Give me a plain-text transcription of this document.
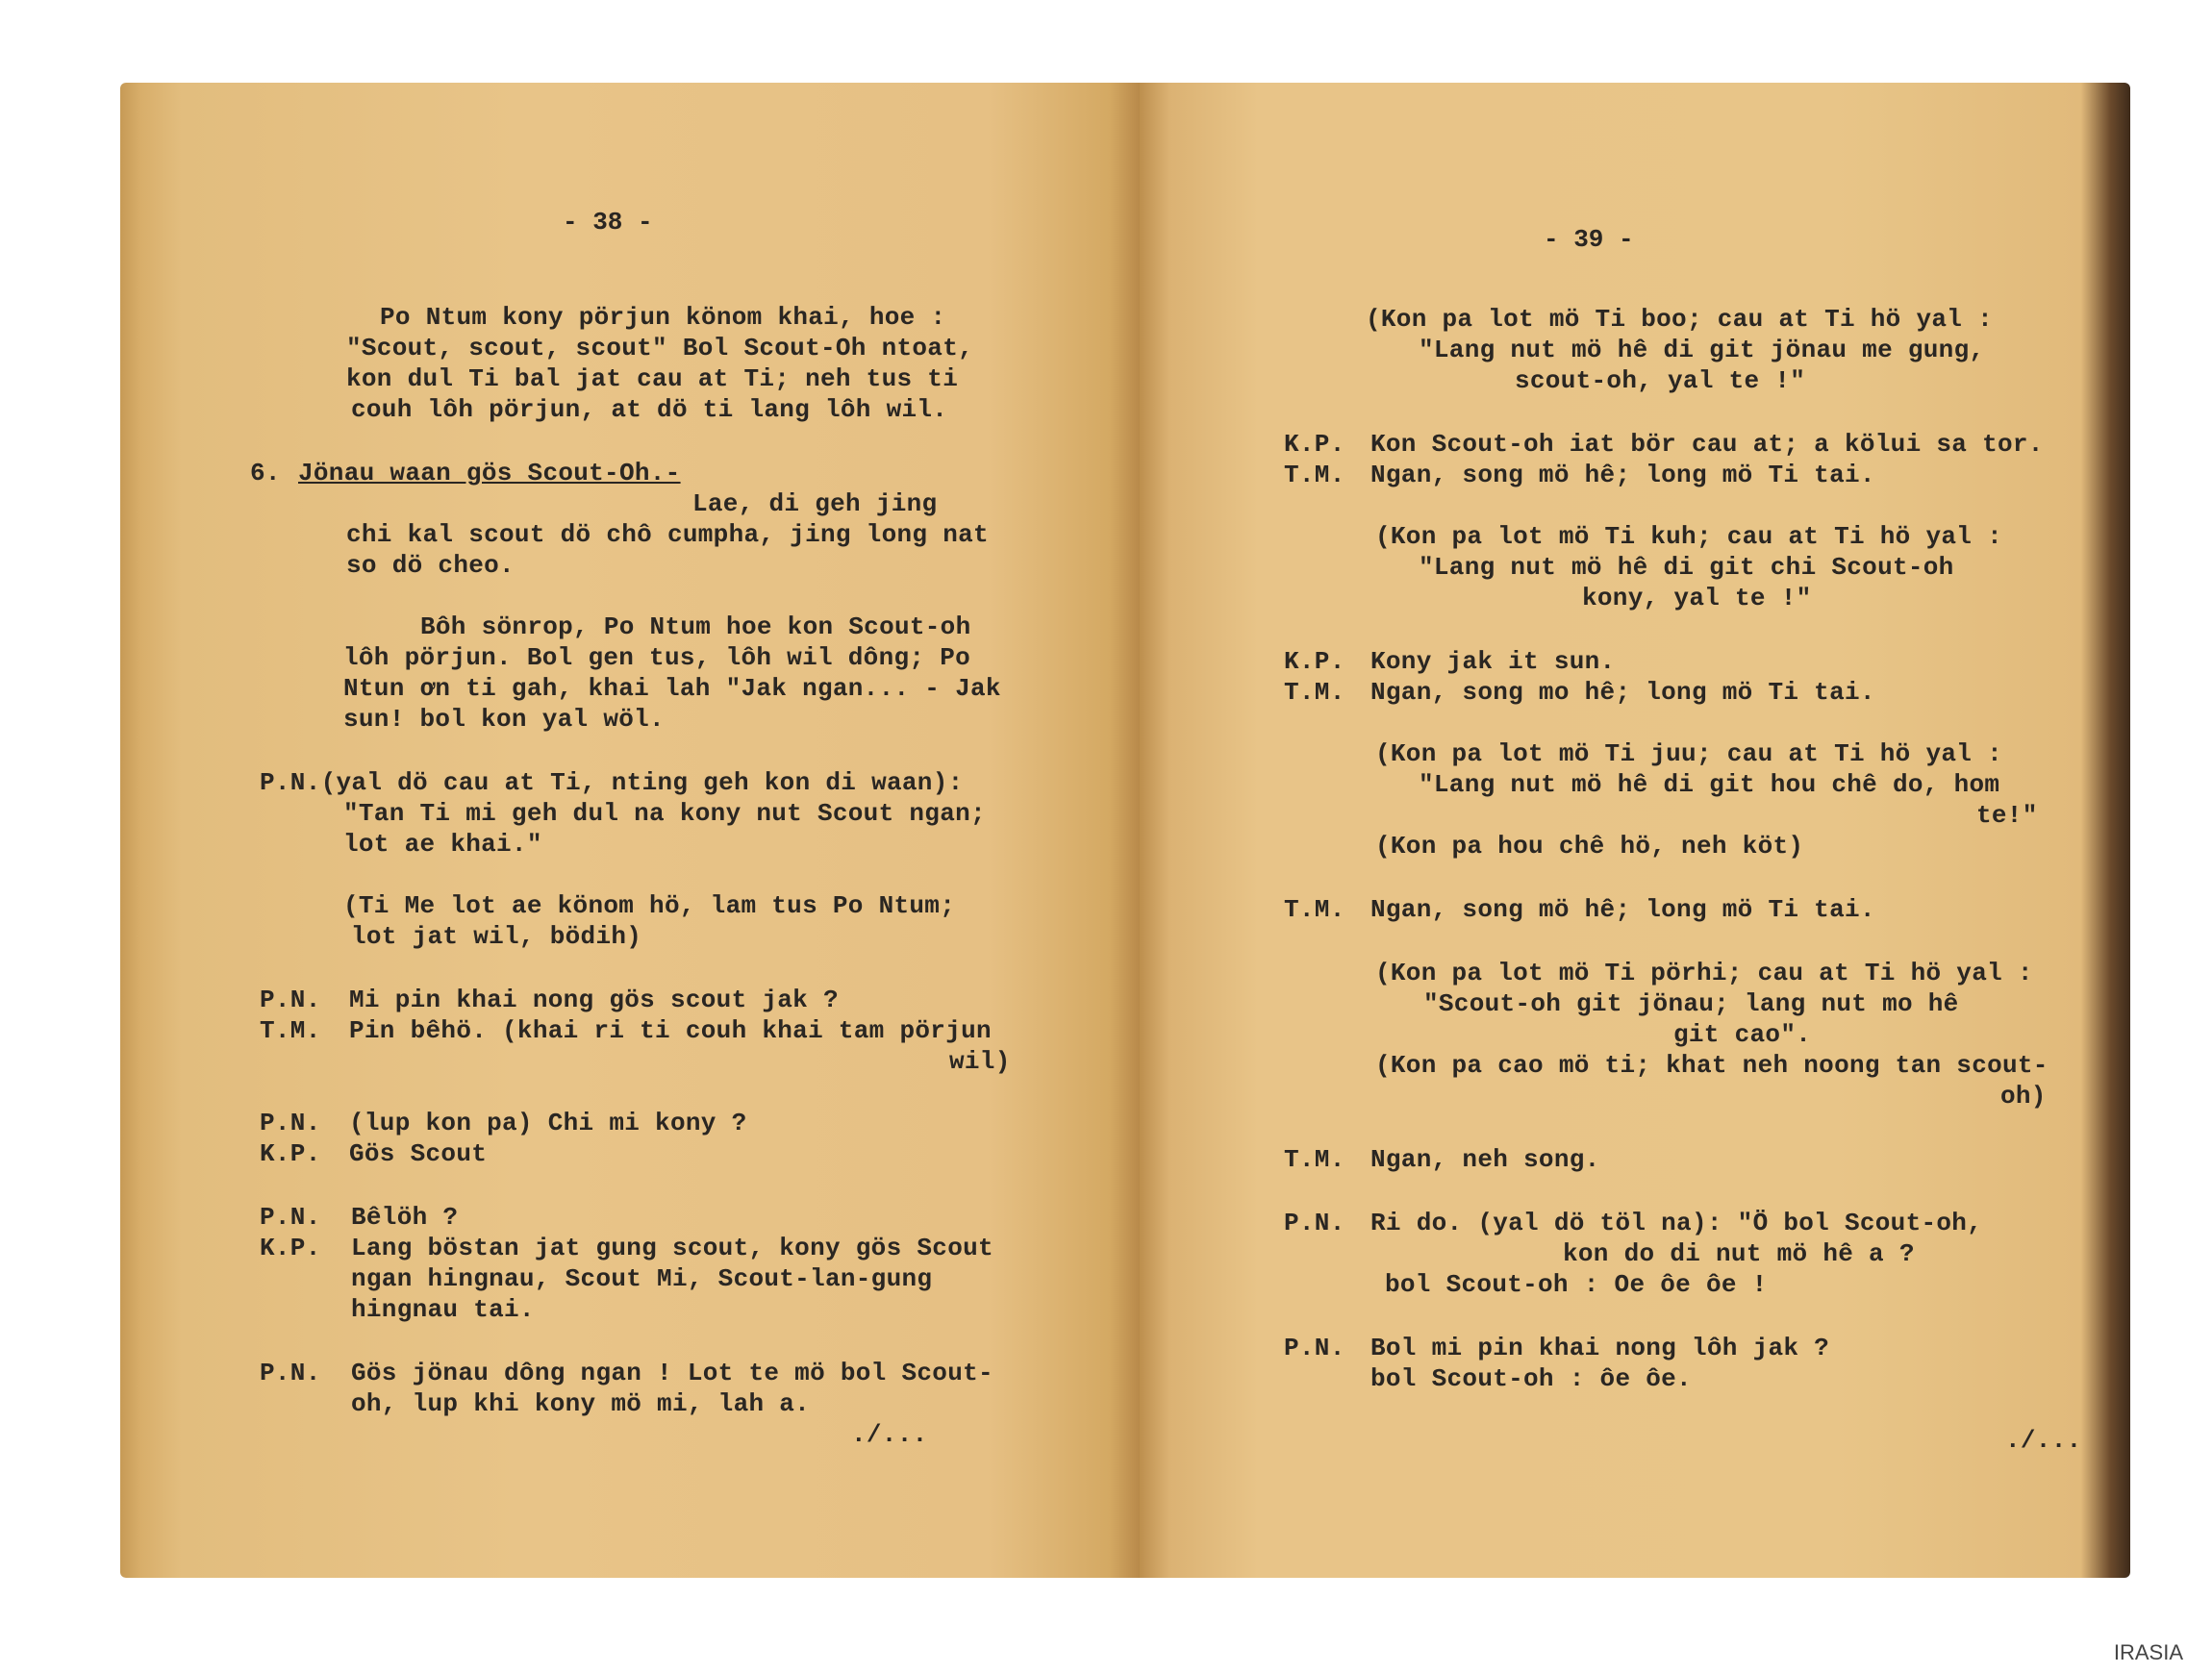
- 38 -
Po Ntum kony pörjun könom khai, hoe :
"Scout, scout, scout" Bol Scout-Oh ntoat,
kon dul Ti bal jat cau at Ti; neh tus ti
couh lôh pörjun, at dö ti lang lôh wil.
6. Jönau waan gös Scout-Oh.-
Lae, di geh jing
chi kal scout dö chô cumpha, jing long nat
so dö cheo.
Bôh sönrop, Po Ntum hoe kon Scout-oh
lôh pörjun. Bol gen tus, lôh wil dông; Po
Ntun ơn ti gah, khai lah "Jak ngan... - Jak
sun! bol kon yal wöl.
P.N.(yal dö cau at Ti, nting geh kon di waan):
"Tan Ti mi geh dul na kony nut Scout ngan;
lot ae khai."
(Ti Me lot ae könom hö, lam tus Po Ntum;
lot jat wil, bödih)
P.N. Mi pin khai nong gös scout jak ?
T.M. Pin bêhö. (khai ri ti couh khai tam pörjun
wil)
P.N. (lup kon pa) Chi mi kony ?
K.P. Gös Scout
P.N. Bêlöh ?
K.P. Lang böstan jat gung scout, kony gös Scout
ngan hingnau, Scout Mi, Scout-lan-gung
hingnau tai.
P.N. Gös jönau dông ngan ! Lot te mö bol Scout-
oh, lup khi kony mö mi, lah a.
./...
- 39 -
(Kon pa lot mö Ti boo; cau at Ti hö yal :
"Lang nut mö hê di git jönau me gung,
scout-oh, yal te !"
K.P. Kon Scout-oh iat bör cau at; a kölui sa tor.
T.M. Ngan, song mö hê; long mö Ti tai.
(Kon pa lot mö Ti kuh; cau at Ti hö yal :
"Lang nut mö hê di git chi Scout-oh
kony, yal te !"
K.P. Kony jak it sun.
T.M. Ngan, song mo hê; long mö Ti tai.
(Kon pa lot mö Ti juu; cau at Ti hö yal :
"Lang nut mö hê di git hou chê do, hom
te!"
(Kon pa hou chê hö, neh köt)
T.M. Ngan, song mö hê; long mö Ti tai.
(Kon pa lot mö Ti pörhi; cau at Ti hö yal :
"Scout-oh git jönau; lang nut mo hê
git cao".
(Kon pa cao mö ti; khat neh noong tan scout-
oh)
T.M. Ngan, neh song.
P.N. Ri do. (yal dö töl na): "Ö bol Scout-oh,
kon do di nut mö hê a ?
bol Scout-oh : Oe ôe ôe !
P.N. Bol mi pin khai nong lôh jak ?
bol Scout-oh : ôe ôe.
./...
IRASIA
